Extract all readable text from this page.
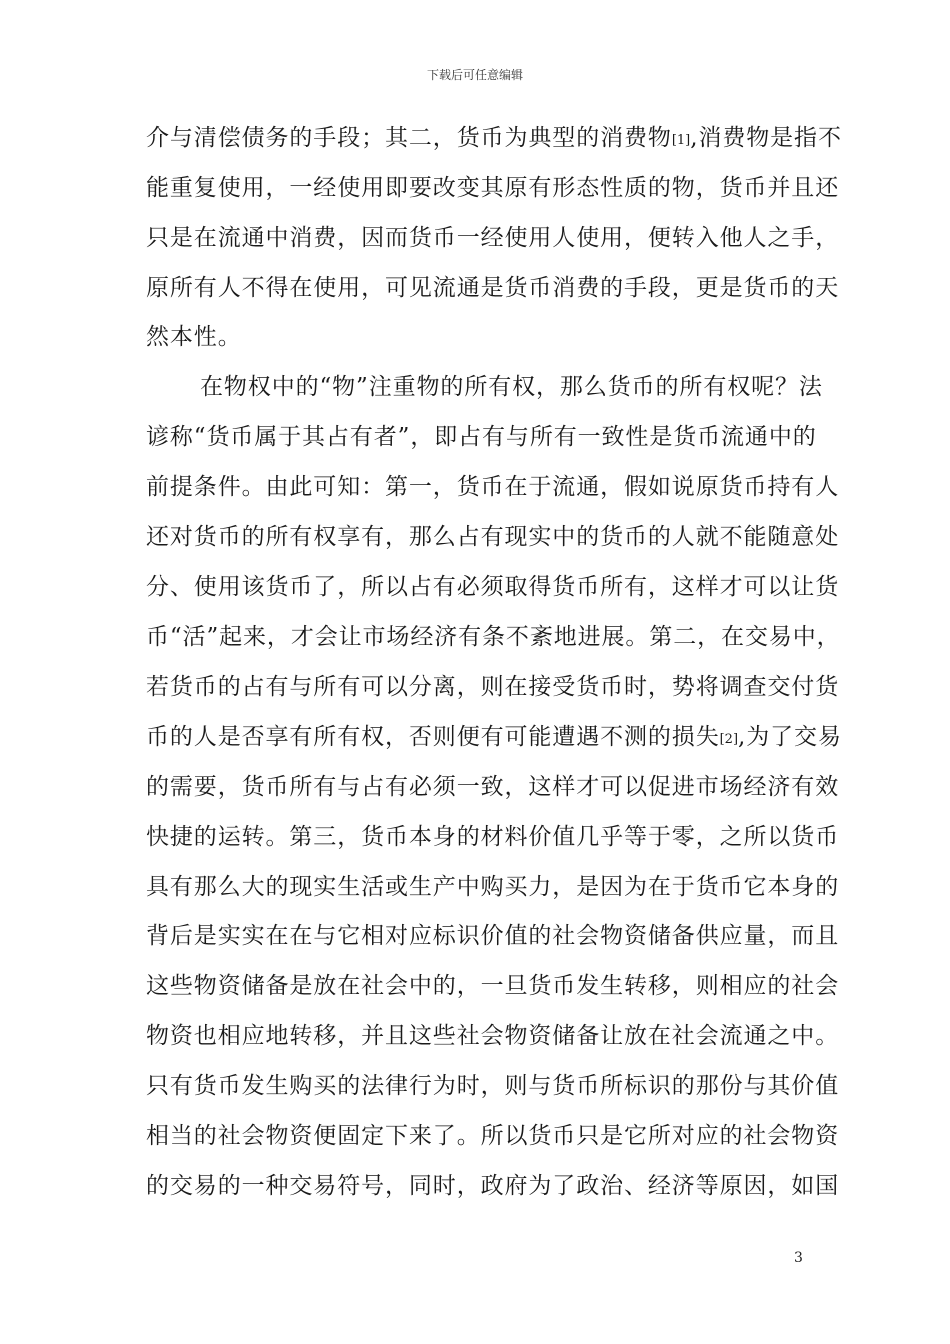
下载后可任意编辑
介与清偿债务的手段；其二，货币为典型的消费物[1],消费物是指不
能重复使用，一经使用即要改变其原有形态性质的物，货币并且还
只是在流通中消费，因而货币一经使用人使用，便转入他人之手，
原所有人不得在使用，可见流通是货币消费的手段，更是货币的天
然本性。
在物权中的“物”注重物的所有权，那么货币的所有权呢？法
谚称“货币属于其占有者”，即占有与所有一致性是货币流通中的
前提条件。由此可知：第一，货币在于流通，假如说原货币持有人
还对货币的所有权享有，那么占有现实中的货币的人就不能随意处
分、使用该货币了，所以占有必须取得货币所有，这样才可以让货
币“活”起来，才会让市场经济有条不紊地进展。第二，在交易中，
若货币的占有与所有可以分离，则在接受货币时，势将调查交付货
币的人是否享有所有权，否则便有可能遭遇不测的损失[2],为了交易
的需要，货币所有与占有必须一致，这样才可以促进市场经济有效
快捷的运转。第三，货币本身的材料价值几乎等于零，之所以货币
具有那么大的现实生活或生产中购买力，是因为在于货币它本身的
背后是实实在在与它相对应标识价值的社会物资储备供应量，而且
这些物资储备是放在社会中的，一旦货币发生转移，则相应的社会
物资也相应地转移，并且这些社会物资储备让放在社会流通之中。
只有货币发生购买的法律行为时，则与货币所标识的那份与其价值
相当的社会物资便固定下来了。所以货币只是它所对应的社会物资
的交易的一种交易符号，同时，政府为了政治、经济等原因，如国
3
